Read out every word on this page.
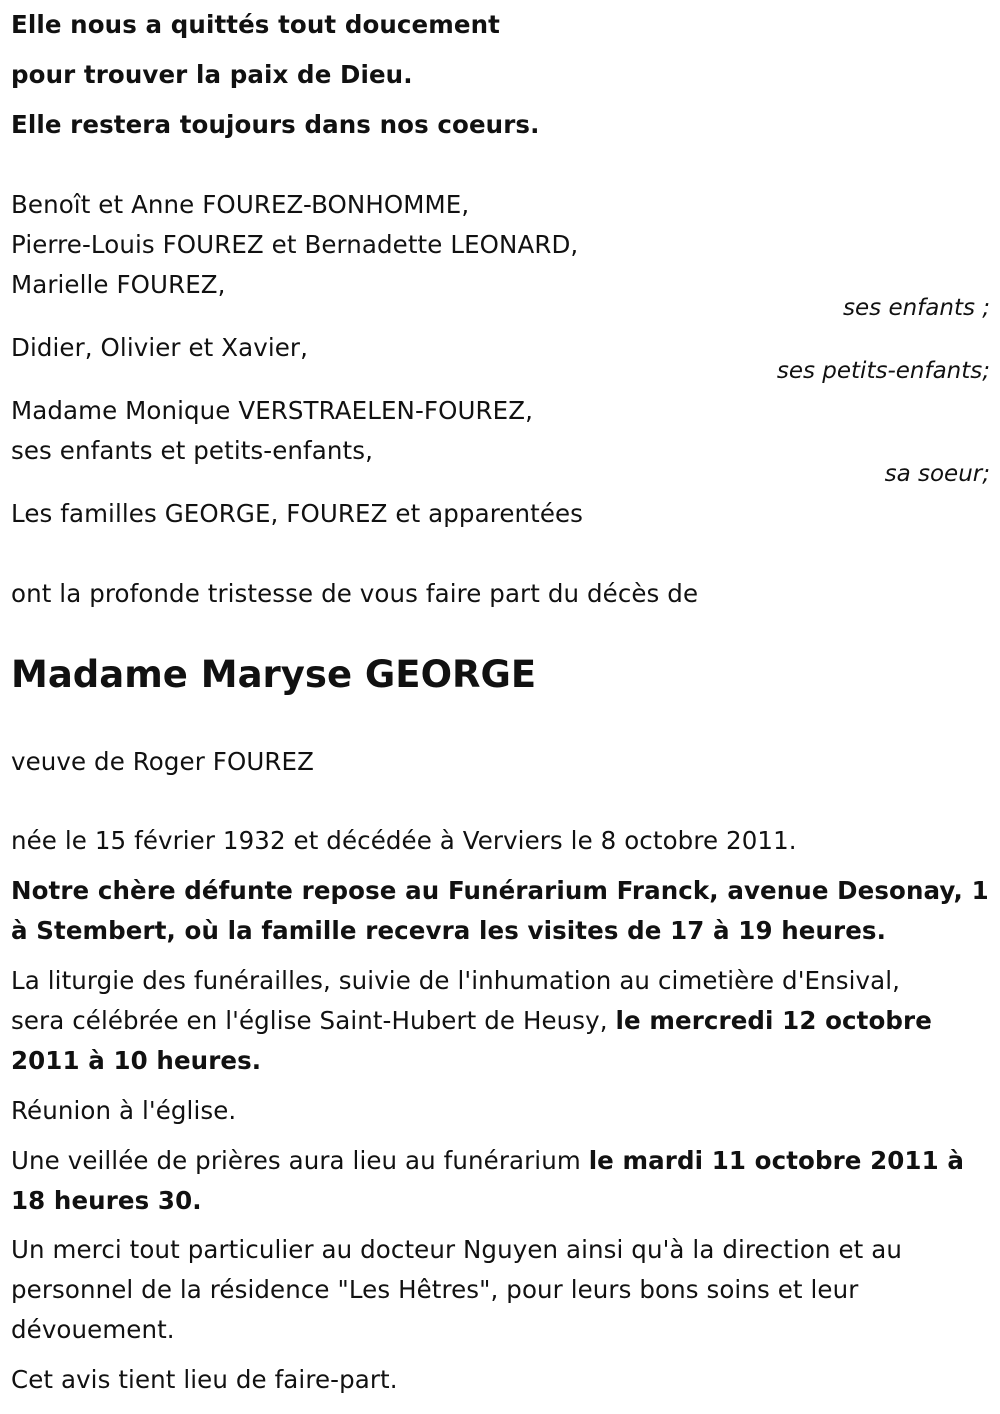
Elle nous a quittés tout doucement
pour trouver la paix de Dieu.
Elle restera toujours dans nos coeurs.
Benoît et Anne FOUREZ-BONHOMME,
Pierre-Louis FOUREZ et Bernadette LEONARD,
Marielle FOUREZ,
ses enfants ;
Didier, Olivier et Xavier,
ses petits-enfants;
Madame Monique VERSTRAELEN-FOUREZ,
ses enfants et petits-enfants,
sa soeur;
Les familles GEORGE, FOUREZ et apparentées
ont la profonde tristesse de vous faire part du décès de
Madame Maryse GEORGE
veuve de Roger FOUREZ
née le 15 février 1932 et décédée à Verviers le 8 octobre 2011.
Notre chère défunte repose au Funérarium Franck, avenue Desonay, 1
à Stembert, où la famille recevra les visites de 17 à 19 heures.
La liturgie des funérailles, suivie de l'inhumation au cimetière d'Ensival,
sera célébrée en l'église Saint-Hubert de Heusy, le mercredi 12 octobre
2011 à 10 heures.
Réunion à l'église.
Une veillée de prières aura lieu au funérarium le mardi 11 octobre 2011 à
18 heures 30.
Un merci tout particulier au docteur Nguyen ainsi qu'à la direction et au
personnel de la résidence "Les Hêtres", pour leurs bons soins et leur
dévouement.
Cet avis tient lieu de faire-part.
